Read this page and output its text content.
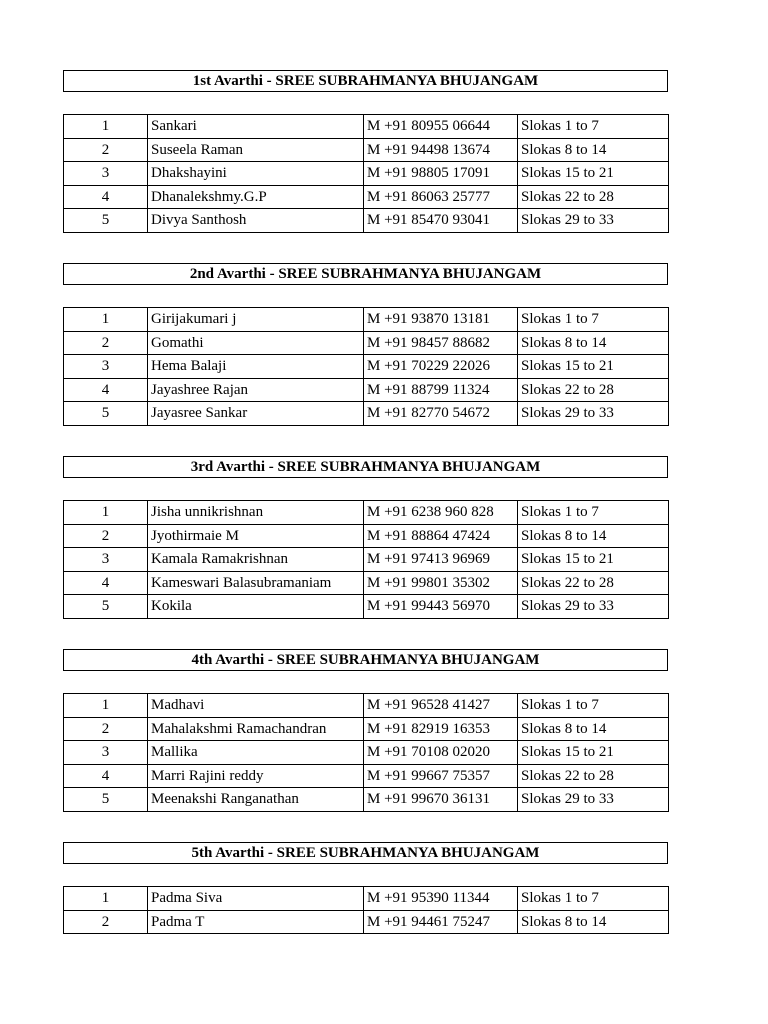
1st Avarthi - SREE SUBRAHMANYA BHUJANGAM
1	Sankari	M +91 80955 06644	Slokas 1 to 7
2	Suseela Raman	M +91 94498 13674	Slokas 8 to 14
3	Dhakshayini	M +91 98805 17091	Slokas 15 to 21
4	Dhanalekshmy.G.P	M +91 86063 25777	Slokas 22 to 28
5	Divya Santhosh	M +91 85470 93041	Slokas 29 to 33
2nd Avarthi - SREE SUBRAHMANYA BHUJANGAM
1	Girijakumari j	M +91 93870 13181	Slokas 1 to 7
2	Gomathi	M +91 98457 88682	Slokas 8 to 14
3	Hema Balaji	M +91 70229 22026	Slokas 15 to 21
4	Jayashree Rajan	M +91 88799 11324	Slokas 22 to 28
5	Jayasree Sankar	M +91 82770 54672	Slokas 29 to 33
3rd Avarthi - SREE SUBRAHMANYA BHUJANGAM
1	Jisha unnikrishnan	M +91 6238 960 828	Slokas 1 to 7
2	Jyothirmaie M	M +91 88864 47424	Slokas 8 to 14
3	Kamala Ramakrishnan	M +91 97413 96969	Slokas 15 to 21
4	Kameswari Balasubramaniam	M +91 99801 35302	Slokas 22 to 28
5	Kokila	M +91 99443 56970	Slokas 29 to 33
4th Avarthi - SREE SUBRAHMANYA BHUJANGAM
1	Madhavi	M +91 96528 41427	Slokas 1 to 7
2	Mahalakshmi Ramachandran	M +91 82919 16353	Slokas 8 to 14
3	Mallika	M +91 70108 02020	Slokas 15 to 21
4	Marri Rajini reddy	M +91 99667 75357	Slokas 22 to 28
5	Meenakshi Ranganathan	M +91 99670 36131	Slokas 29 to 33
5th Avarthi - SREE SUBRAHMANYA BHUJANGAM
1	Padma Siva	M +91 95390 11344	Slokas 1 to 7
2	Padma T	M +91 94461 75247	Slokas 8 to 14
